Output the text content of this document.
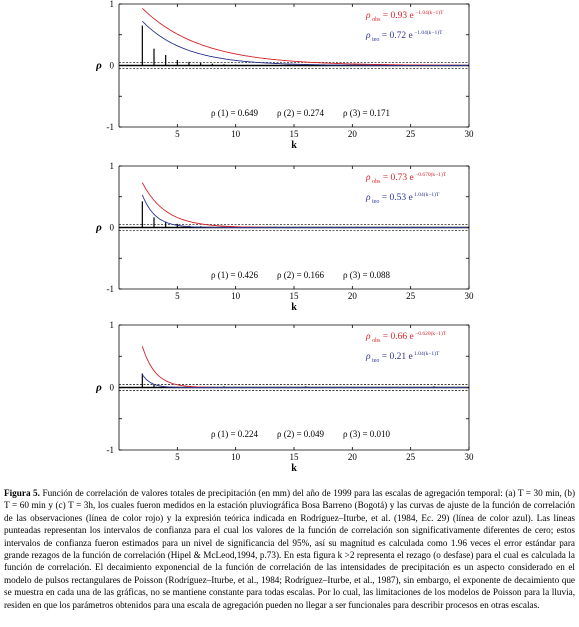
-1
0
1
5	10	15	20	25	30
k
ρ
ρ $_{obs}$ = 0.93 e $^{-1.04(k-1)T}$
ρ $_{teo}$ = 0.72 e $^{-1.04(k-1)T}$
ρ (1) = 0.649 ρ (2) = 0.274 ρ (3) = 0.171
-1
0
1
5	10	15	20	25	30
k
ρ
ρ $_{obs}$ = 0.73 e $^{-0.670(k-1)T}$
ρ $_{teo}$ = 0.53 e $^{1.04(k-1)T}$
ρ (1) = 0.426 ρ (2) = 0.166 ρ (3) = 0.088
-1
0
1
5	10	15	20	25	30
k
ρ
ρ $_{obs}$ = 0.66 e $^{-0.620(k-1)T}$
ρ $_{teo}$ = 0.21 e $^{1.04(k-1)T}$
ρ (1) = 0.224 ρ (2) = 0.049 ρ (3) = 0.010
Figura 5. Función de correlación de valores totales de precipitación (en mm) del año de 1999 para las escalas de agregación temporal: (a) T = 30 min, (b) T = 60 min y (c) T = 3h, los cuales fueron medidos en la estación pluviográfica Bosa Barreno (Bogotá) y las curvas de ajuste de la función de correlación de las observaciones (línea de color rojo) y la expresión teórica indicada en Rodríguez–Iturbe, et al. (1984, Ec. 29) (línea de color azul). Las líneas punteadas representan los intervalos de confianza para el cual los valores de la función de correlación son significativamente diferentes de cero; estos intervalos de confianza fueron estimados para un nivel de significancia del 95%, así su magnitud es calculada como 1.96 veces el error estándar para grande rezagos de la función de correlación (Hipel & McLeod,1994, p.73). En esta figura k >2 representa el rezago (o desfase) para el cual es calculada la función de correlación. El decaimiento exponencial de la función de correlación de las intensidades de precipitación es un aspecto considerado en el modelo de pulsos rectangulares de Poisson (Rodríguez–Iturbe, et al., 1984; Rodríguez–Iturbe, et al., 1987), sin embargo, el exponente de decaimiento que se muestra en cada una de las gráficas, no se mantiene constante para todas escalas. Por lo cual, las limitaciones de los modelos de Poisson para la lluvia, residen en que los parámetros obtenidos para una escala de agregación pueden no llegar a ser funcionales para describir procesos en otras escalas.
